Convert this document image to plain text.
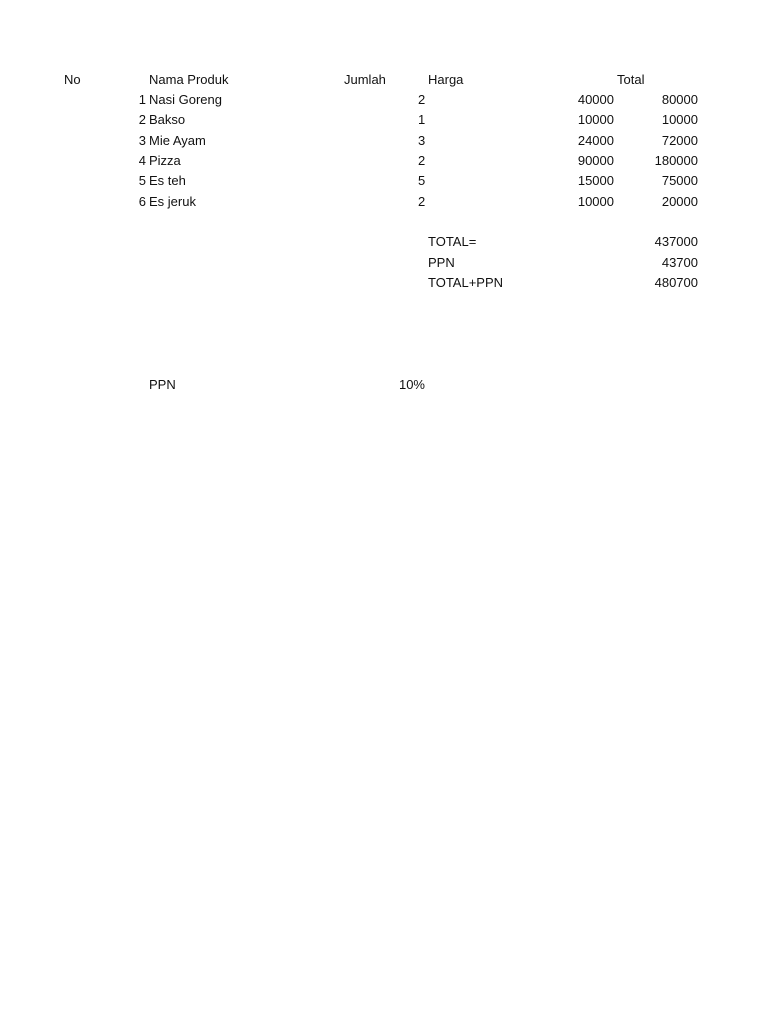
No	Nama Produk	Jumlah	Harga	Total
1 Nasi Goreng	2	40000	80000
2 Bakso	1	10000	10000
3 Mie Ayam	3	24000	72000
4 Pizza	2	90000	180000
5 Es teh	5	15000	75000
6 Es jeruk	2	10000	20000
TOTAL=	437000
PPN	43700
TOTAL+PPN	480700
PPN	10%
